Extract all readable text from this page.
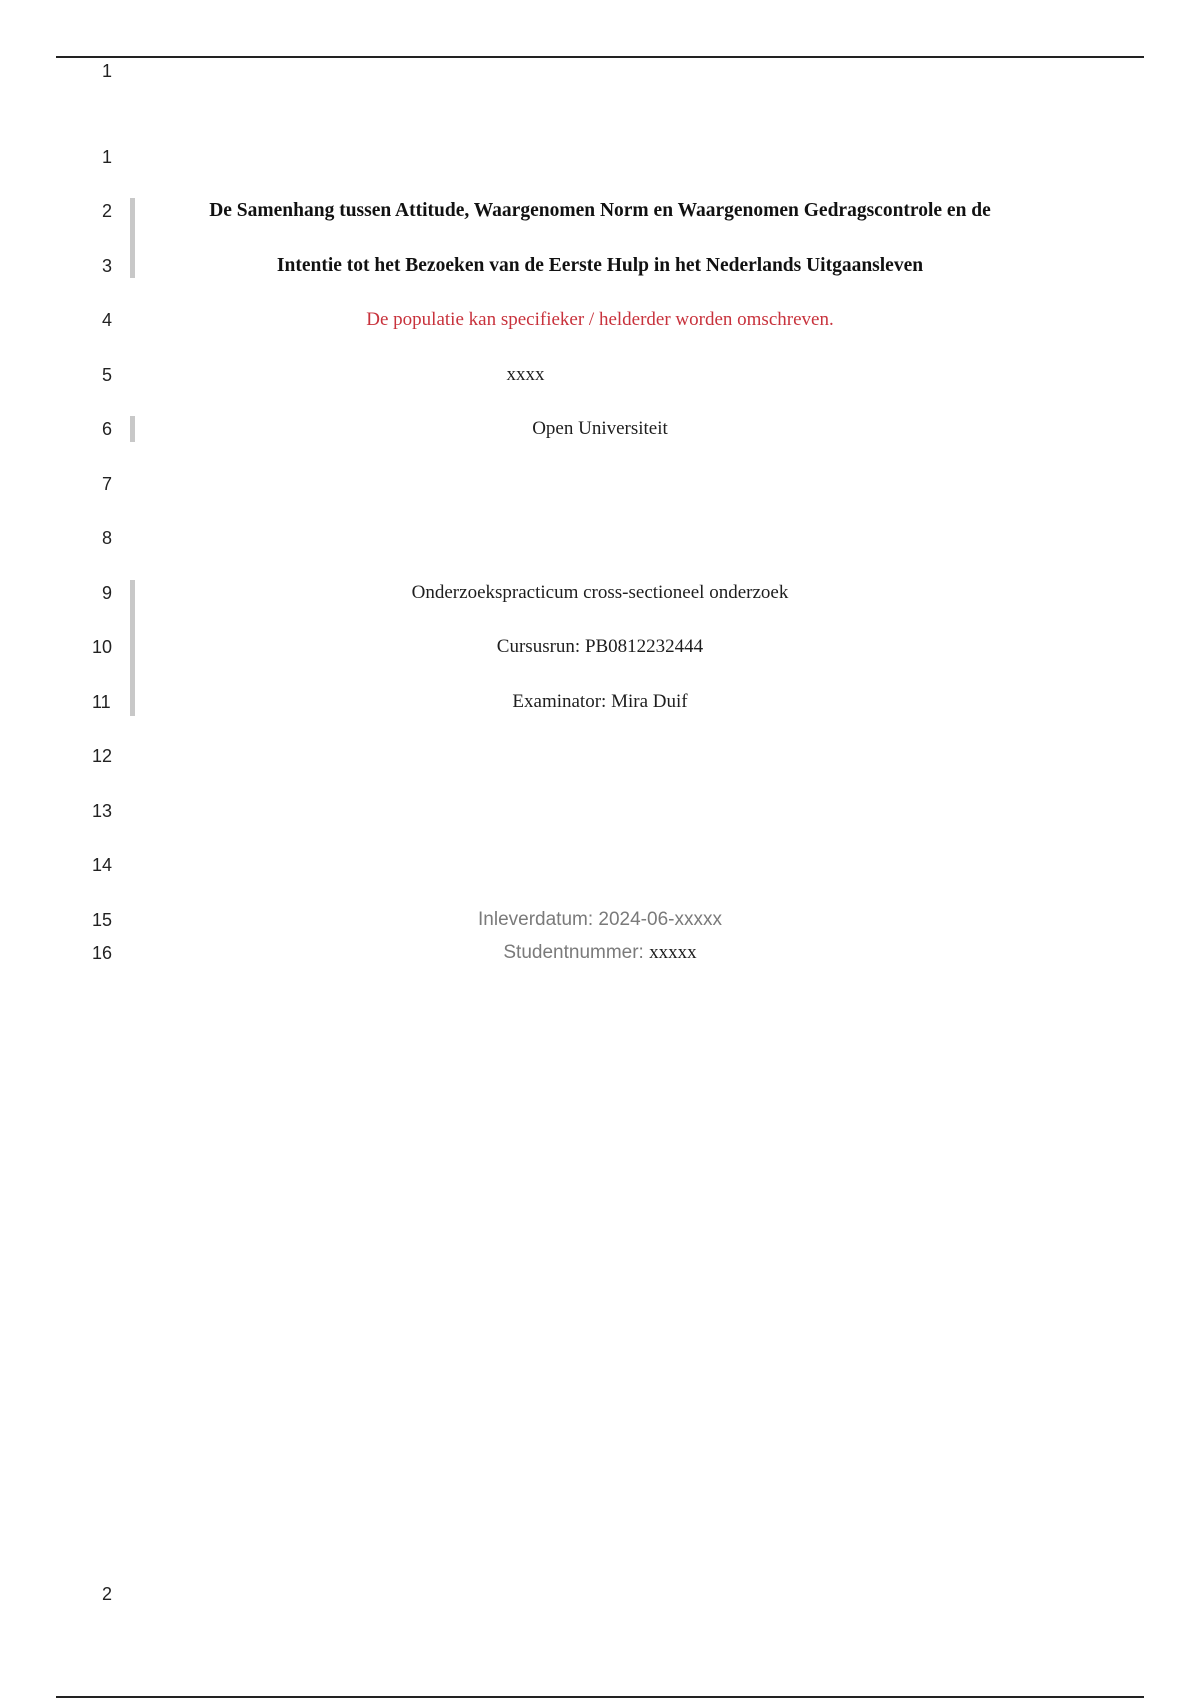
1
1
2
3
4
5
6
7
8
9
10
11
12
13
14
15
16
De Samenhang tussen Attitude, Waargenomen Norm en Waargenomen Gedragscontrole en de
Intentie tot het Bezoeken van de Eerste Hulp in het Nederlands Uitgaansleven
De populatie kan specifieker / helderder worden omschreven.
xxxx
Open Universiteit
Onderzoekspracticum cross-sectioneel onderzoek
Cursusrun: PB0812232444
Examinator: Mira Duif
Inleverdatum: 2024-06-xxxxx
Studentnummer: xxxxx
2
